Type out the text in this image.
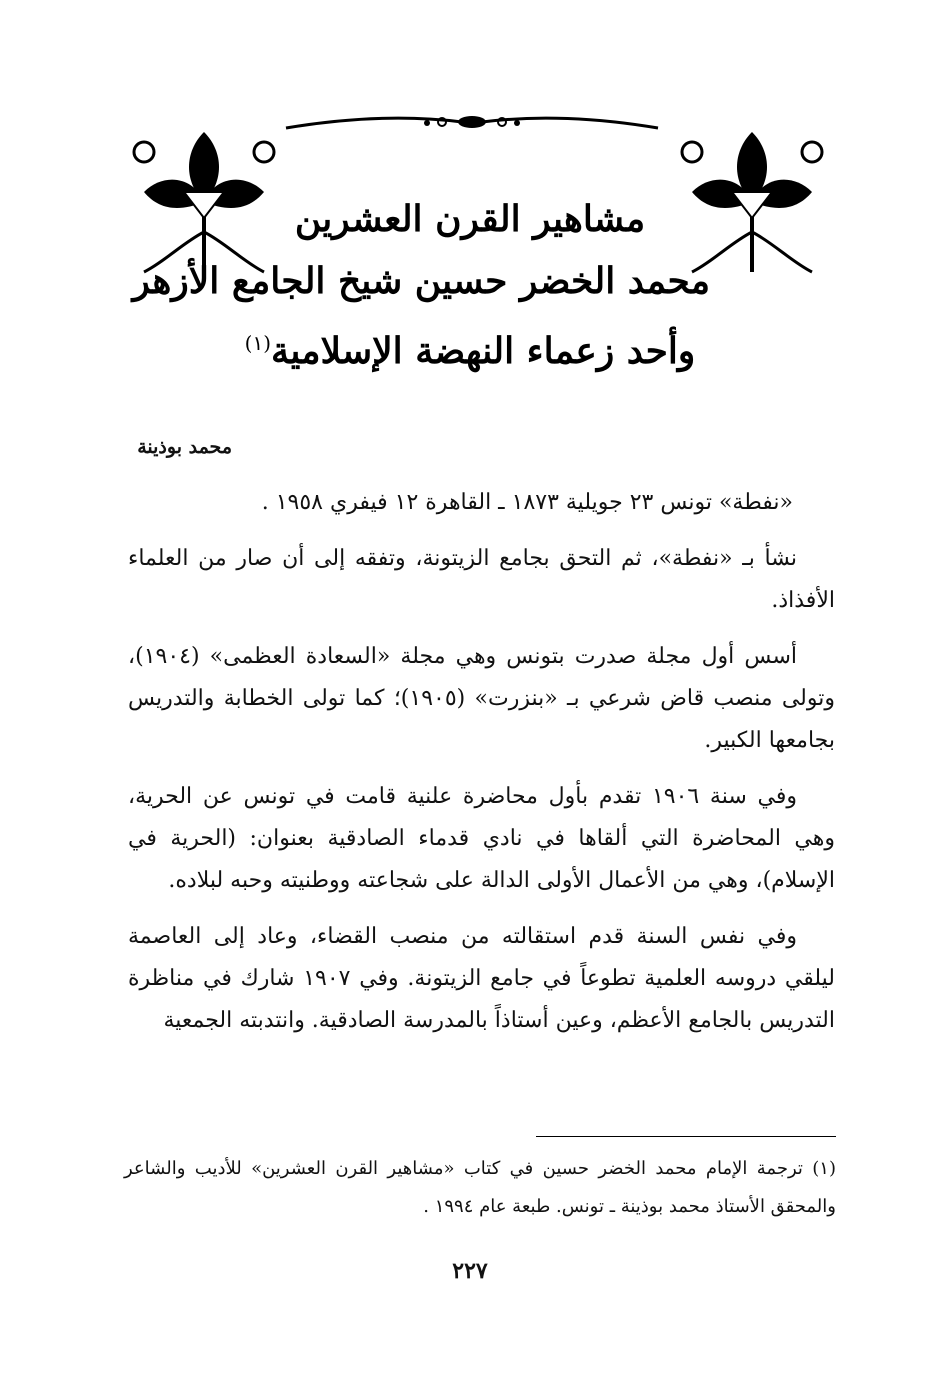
مشاهير القرن العشرين
محمد الخضر حسين شيخ الجامع الأزهر
وأحد زعماء النهضة الإسلامية$^{(١)}$
محمد بوذينة

«نفطة» تونس ٢٣ جويلية ١٨٧٣ ـ القاهرة ١٢ فيفري ١٩٥٨ .

نشأ بـ «نفطة»، ثم التحق بجامع الزيتونة، وتفقه إلى أن صار من العلماء الأفذاذ.

أسس أول مجلة صدرت بتونس وهي مجلة «السعادة العظمى» (١٩٠٤)، وتولى منصب قاض شرعي بـ «بنزرت» (١٩٠٥)؛ كما تولى الخطابة والتدريس بجامعها الكبير.

وفي سنة ١٩٠٦ تقدم بأول محاضرة علنية قامت في تونس عن الحرية، وهي المحاضرة التي ألقاها في نادي قدماء الصادقية بعنوان: (الحرية في الإسلام)، وهي من الأعمال الأولى الدالة على شجاعته ووطنيته وحبه لبلاده.

وفي نفس السنة قدم استقالته من منصب القضاء، وعاد إلى العاصمة ليلقي دروسه العلمية تطوعاً في جامع الزيتونة. وفي ١٩٠٧ شارك في مناظرة التدريس بالجامع الأعظم، وعين أستاذاً بالمدرسة الصادقية. وانتدبته الجمعية

(١) ترجمة الإمام محمد الخضر حسين في كتاب «مشاهير القرن العشرين» للأديب والشاعر والمحقق الأستاذ محمد بوذينة ـ تونس. طبعة عام ١٩٩٤ .

٢٢٧
